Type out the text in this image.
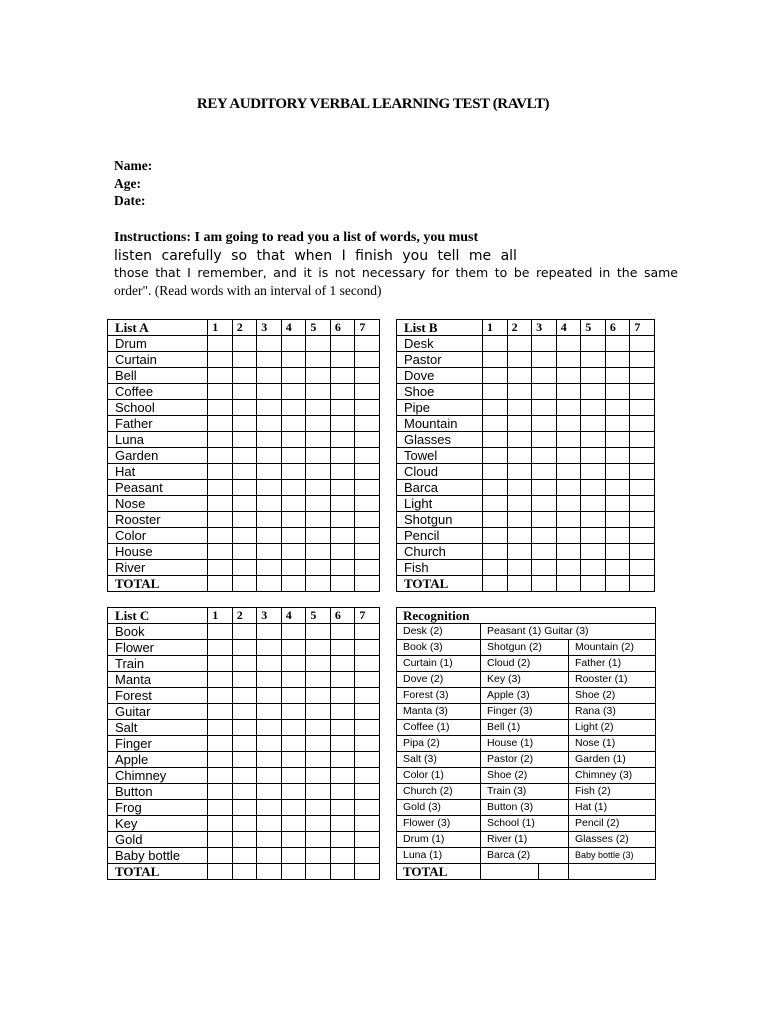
REY AUDITORY VERBAL LEARNING TEST (RAVLT)
Name:
Age:
Date:
Instructions: I am going to read you a list of words, you must
listen carefully so that when I finish you tell me all
those that I remember, and it is not necessary for them to be repeated in the same
order". (Read words with an interval of 1 second)
List A	1	2	3	4	5	6	7
Drum							
Curtain							
Bell							
Coffee							
School							
Father							
Luna							
Garden							
Hat							
Peasant							
Nose							
Rooster							
Color							
House							
River							
TOTAL							
List B	1	2	3	4	5	6	7
Desk							
Pastor							
Dove							
Shoe							
Pipe							
Mountain							
Glasses							
Towel							
Cloud							
Barca							
Light							
Shotgun							
Pencil							
Church							
Fish							
TOTAL							
List C	1	2	3	4	5	6	7
Book							
Flower							
Train							
Manta							
Forest							
Guitar							
Salt							
Finger							
Apple							
Chimney							
Button							
Frog							
Key							
Gold							
Baby bottle							
TOTAL							
Recognition			
Desk (2)	Peasant (1) Guitar (3)		
Book (3)	Shotgun (2)		Mountain (2)
Curtain (1)	Cloud (2)		Father (1)
Dove (2)	Key (3)		Rooster (1)
Forest (3)	Apple (3)		Shoe (2)
Manta (3)	Finger (3)		Rana (3)
Coffee (1)	Bell (1)		Light (2)
Pipa (2)	House (1)		Nose (1)
Salt (3)	Pastor (2)		Garden (1)
Color (1)	Shoe (2)		Chimney (3)
Church (2)	Train (3)		Fish (2)
Gold (3)	Button (3)		Hat (1)
Flower (3)	School (1)		Pencil (2)
Drum (1)	River (1)		Glasses (2)
Luna (1)	Barca (2)		Baby bottle (3)
TOTAL			
